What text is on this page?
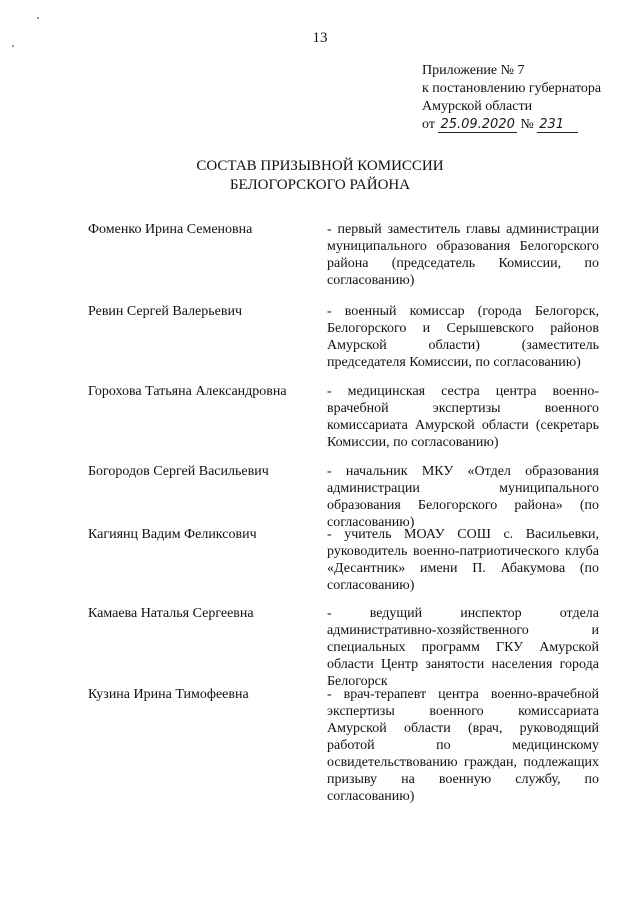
13
Приложение № 7
к постановлению губернатора
Амурской области
от 25.09.2020 № 231
СОСТАВ ПРИЗЫВНОЙ КОМИССИИ
БЕЛОГОРСКОГО РАЙОНА
Фоменко Ирина Семеновна	- первый заместитель главы администрации муниципального образования Белогорского района (председатель Комиссии, по согласованию)
Ревин Сергей Валерьевич	- военный комиссар (города Белогорск, Белогорского и Серышевского районов Амурской области) (заместитель председателя Комиссии, по согласованию)
Горохова Татьяна Александровна	- медицинская сестра центра военно-врачебной экспертизы военного комиссариата Амурской области (секретарь Комиссии, по согласованию)
Богородов Сергей Васильевич	- начальник МКУ «Отдел образования администрации муниципального образования Белогорского района» (по согласованию)
Кагиянц Вадим Феликсович	- учитель МОАУ СОШ с. Васильевки, руководитель военно-патриотического клуба «Десантник» имени П. Абакумова (по согласованию)
Камаева Наталья Сергеевна	- ведущий инспектор отдела административно-хозяйственного и специальных программ ГКУ Амурской области Центр занятости населения города Белогорск
Кузина Ирина Тимофеевна	- врач-терапевт центра военно-врачебной экспертизы военного комиссариата Амурской области (врач, руководящий работой по медицинскому освидетельствованию граждан, подлежащих призыву на военную службу, по согласованию)
